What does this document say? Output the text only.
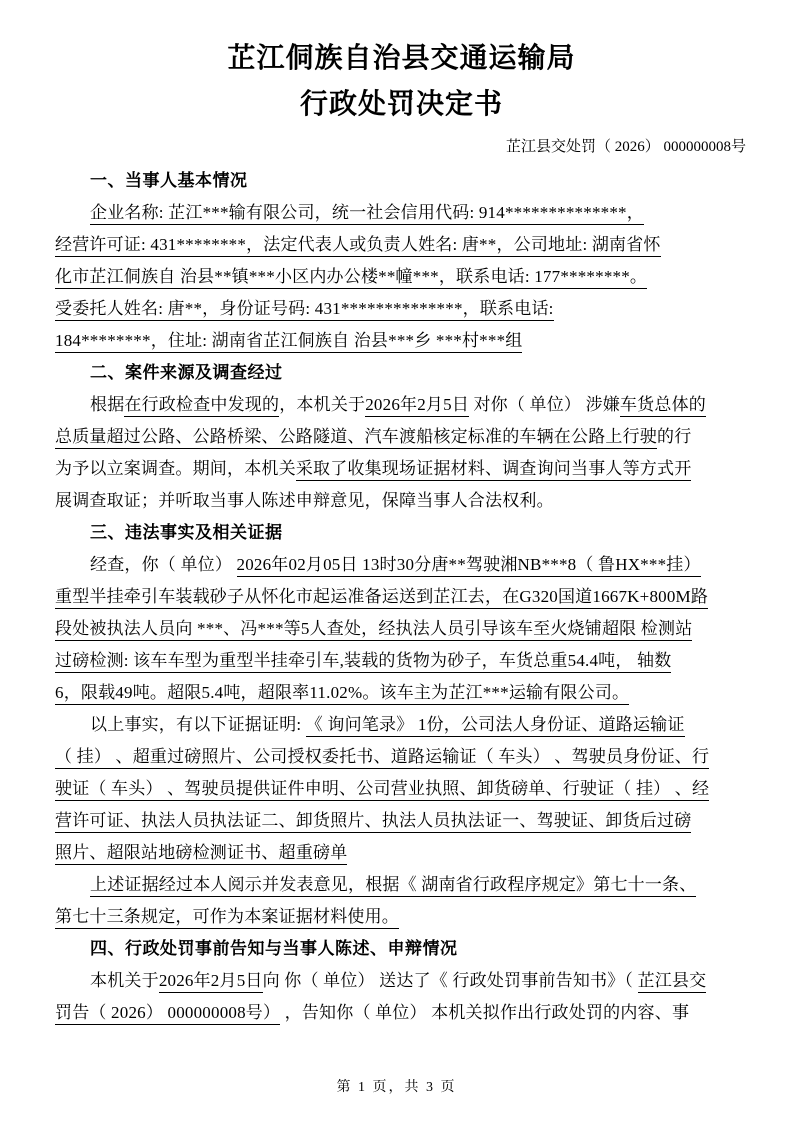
芷江侗族自治县交通运输局
行政处罚决定书
芷江县交处罚（ 2026） 000000008号
一、当事人基本情况
企业名称: 芷江***输有限公司，统一社会信用代码: 914**************，
经营许可证: 431********，法定代表人或负责人姓名: 唐**，公司地址: 湖南省怀
化市芷江侗族自 治县**镇***小区内办公楼**幢***，联系电话: 177********。
受委托人姓名: 唐**，身份证号码: 431**************，联系电话:
184********，住址: 湖南省芷江侗族自 治县***乡 ***村***组
二、案件来源及调查经过
根据在行政检查中发现的，本机关于2026年2月5日 对你（ 单位） 涉嫌车货总体的
总质量超过公路、公路桥梁、公路隧道、汽车渡船核定标准的车辆在公路上行驶的行
为予以立案调查。期间，本机关采取了收集现场证据材料、调查询问当事人等方式开
展调查取证；并听取当事人陈述申辩意见，保障当事人合法权利。
三、违法事实及相关证据
经查，你（ 单位） 2026年02月05日 13时30分唐**驾驶湘NB***8（ 鲁HX***挂）
重型半挂牵引车装载砂子从怀化市起运准备运送到芷江去，在G320国道1667K+800M路
段处被执法人员向 ***、冯***等5人查处，经执法人员引导该车至火烧铺超限 检测站
过磅检测: 该车车型为重型半挂牵引车,装载的货物为砂子，车货总重54.4吨， 轴数
6，限载49吨。超限5.4吨，超限率11.02%。该车主为芷江***运输有限公司。
以上事实，有以下证据证明: 《 询问笔录》 1份，公司法人身份证、道路运输证
（ 挂） 、超重过磅照片、公司授权委托书、道路运输证（ 车头） 、驾驶员身份证、行
驶证（ 车头） 、驾驶员提供证件申明、公司营业执照、卸货磅单、行驶证（ 挂） 、经
营许可证、执法人员执法证二、卸货照片、执法人员执法证一、驾驶证、卸货后过磅
照片、超限站地磅检测证书、超重磅单
上述证据经过本人阅示并发表意见，根据《 湖南省行政程序规定》第七十一条、
第七十三条规定，可作为本案证据材料使用。
四、行政处罚事前告知与当事人陈述、申辩情况
本机关于2026年2月5日向 你（ 单位） 送达了《 行政处罚事前告知书》（ 芷江县交
罚告（ 2026） 000000008号） ，告知你（ 单位） 本机关拟作出行政处罚的内容、事
第 1 页，共 3 页
